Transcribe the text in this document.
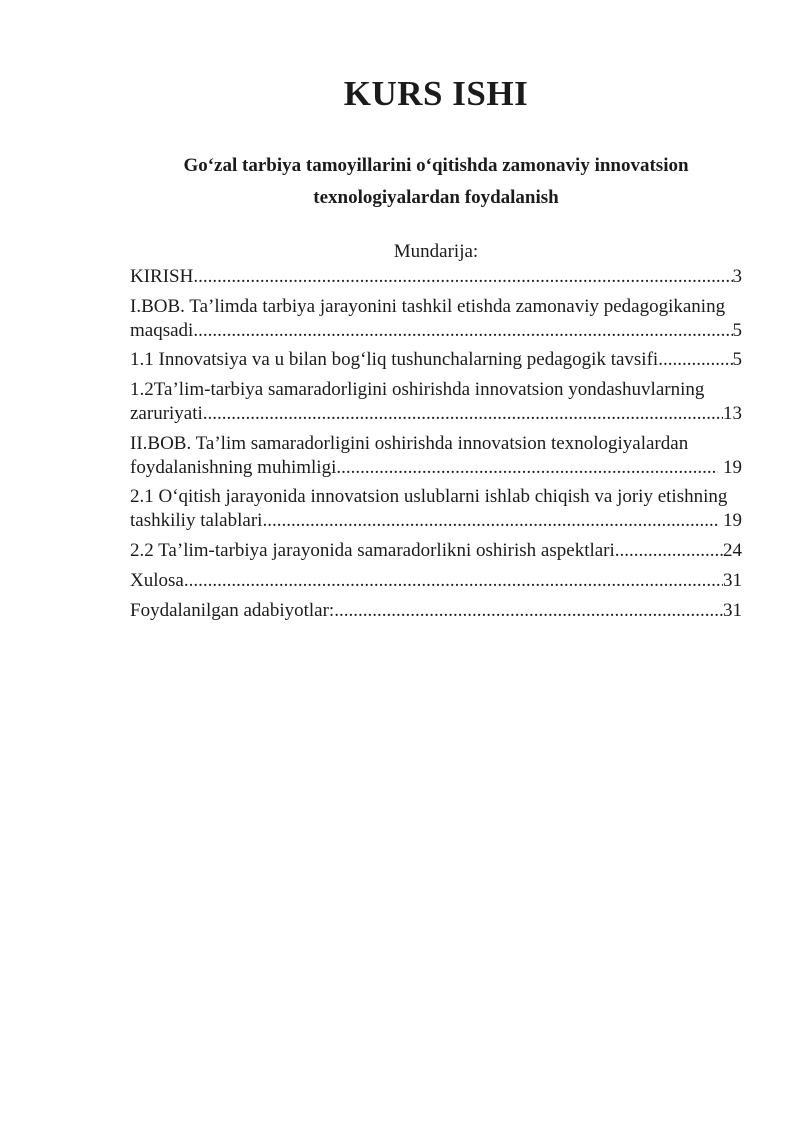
KURS ISHI
Go‘zal tarbiya tamoyillarini o‘qitishda zamonaviy innovatsion
texnologiyalardan foydalanish
Mundarija:
KIRISH .....	3
I.BOB. Ta’limda tarbiya jarayonini tashkil etishda zamonaviy pedagogikaning
maqsadi .....	5
1.1 Innovatsiya va u bilan bog‘liq tushunchalarning pedagogik tavsifi .....	5
1.2Ta’lim-tarbiya samaradorligini oshirishda innovatsion yondashuvlarning
zaruriyati .....	13
II.BOB. Ta’lim samaradorligini oshirishda innovatsion texnologiyalardan
foydalanishning muhimligi .....	19
2.1 O‘qitish jarayonida innovatsion uslublarni ishlab chiqish va joriy etishning
tashkiliy talablari .....	19
2.2 Ta’lim-tarbiya jarayonida samaradorlikni oshirish aspektlari .....	24
Xulosa .....	31
Foydalanilgan adabiyotlar: .....	31
